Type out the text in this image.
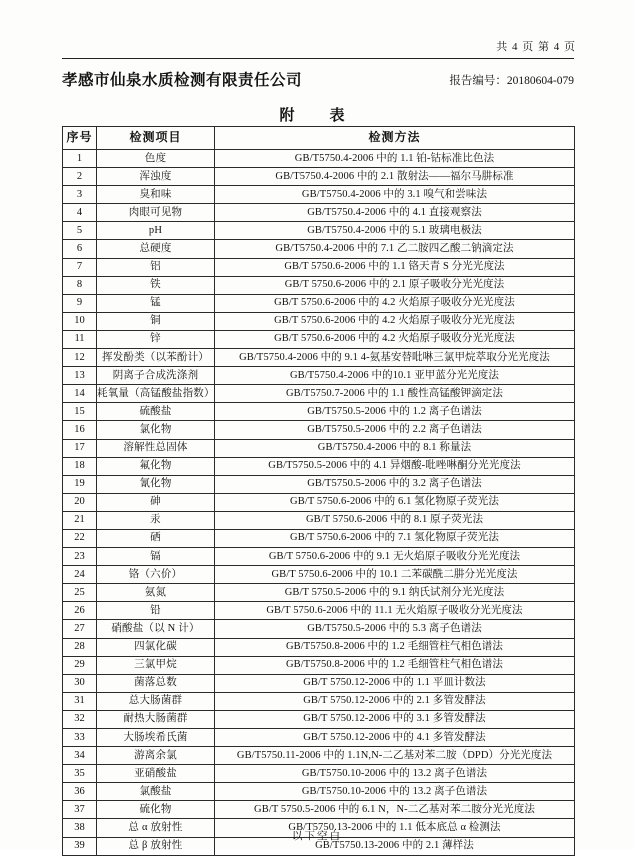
共 4 页 第 4 页
孝感市仙泉水质检测有限责任公司	报告编号：20180604-079
附　表
序号	检测项目	检测方法
1	色度	GB/T5750.4-2006 中的 1.1 铂-钴标准比色法
2	浑浊度	GB/T5750.4-2006 中的 2.1 散射法——福尔马肼标准
3	臭和味	GB/T5750.4-2006 中的 3.1 嗅气和尝味法
4	肉眼可见物	GB/T5750.4-2006 中的 4.1 直接观察法
5	pH	GB/T5750.4-2006 中的 5.1 玻璃电极法
6	总硬度	GB/T5750.4-2006 中的 7.1 乙二胺四乙酸二钠滴定法
7	铝	GB/T 5750.6-2006 中的 1.1 铬天青 S 分光光度法
8	铁	GB/T 5750.6-2006 中的 2.1 原子吸收分光光度法
9	锰	GB/T 5750.6-2006 中的 4.2 火焰原子吸收分光光度法
10	铜	GB/T 5750.6-2006 中的 4.2 火焰原子吸收分光光度法
11	锌	GB/T 5750.6-2006 中的 4.2 火焰原子吸收分光光度法
12	挥发酚类（以苯酚计）	GB/T5750.4-2006 中的 9.1 4-氨基安替吡啉三氯甲烷萃取分光光度法
13	阴离子合成洗涤剂	GB/T5750.4-2006 中的10.1 亚甲蓝分光光度法
14	耗氧量（高锰酸盐指数）	GB/T5750.7-2006 中的 1.1 酸性高锰酸钾滴定法
15	硫酸盐	GB/T5750.5-2006 中的 1.2 离子色谱法
16	氯化物	GB/T5750.5-2006 中的 2.2 离子色谱法
17	溶解性总固体	GB/T5750.4-2006 中的 8.1 称量法
18	氟化物	GB/T5750.5-2006 中的 4.1 异烟酸-吡唑啉酮分光光度法
19	氰化物	GB/T5750.5-2006 中的 3.2 离子色谱法
20	砷	GB/T 5750.6-2006 中的 6.1 氢化物原子荧光法
21	汞	GB/T 5750.6-2006 中的 8.1 原子荧光法
22	硒	GB/T 5750.6-2006 中的 7.1 氢化物原子荧光法
23	镉	GB/T 5750.6-2006 中的 9.1 无火焰原子吸收分光光度法
24	铬（六价）	GB/T 5750.6-2006 中的 10.1 二苯碳酰二肼分光光度法
25	氨氮	GB/T 5750.5-2006 中的 9.1 纳氏试剂分光光度法
26	铅	GB/T 5750.6-2006 中的 11.1 无火焰原子吸收分光光度法
27	硝酸盐（以 N 计）	GB/T5750.5-2006 中的 5.3 离子色谱法
28	四氯化碳	GB/T5750.8-2006 中的 1.2 毛细管柱气相色谱法
29	三氯甲烷	GB/T5750.8-2006 中的 1.2 毛细管柱气相色谱法
30	菌落总数	GB/T 5750.12-2006 中的 1.1 平皿计数法
31	总大肠菌群	GB/T 5750.12-2006 中的 2.1 多管发酵法
32	耐热大肠菌群	GB/T 5750.12-2006 中的 3.1 多管发酵法
33	大肠埃希氏菌	GB/T 5750.12-2006 中的 4.1 多管发酵法
34	游离余氯	GB/T5750.11-2006 中的 1.1N,N-二乙基对苯二胺（DPD）分光光度法
35	亚硝酸盐	GB/T5750.10-2006 中的 13.2 离子色谱法
36	氯酸盐	GB/T5750.10-2006 中的 13.2 离子色谱法
37	硫化物	GB/T 5750.5-2006 中的 6.1 N，N-二乙基对苯二胺分光光度法
38	总 α 放射性	GB/T5750.13-2006 中的 1.1 低本底总 α 检测法
39	总 β 放射性	GB/T5750.13-2006 中的 2.1 薄样法
以下空白
